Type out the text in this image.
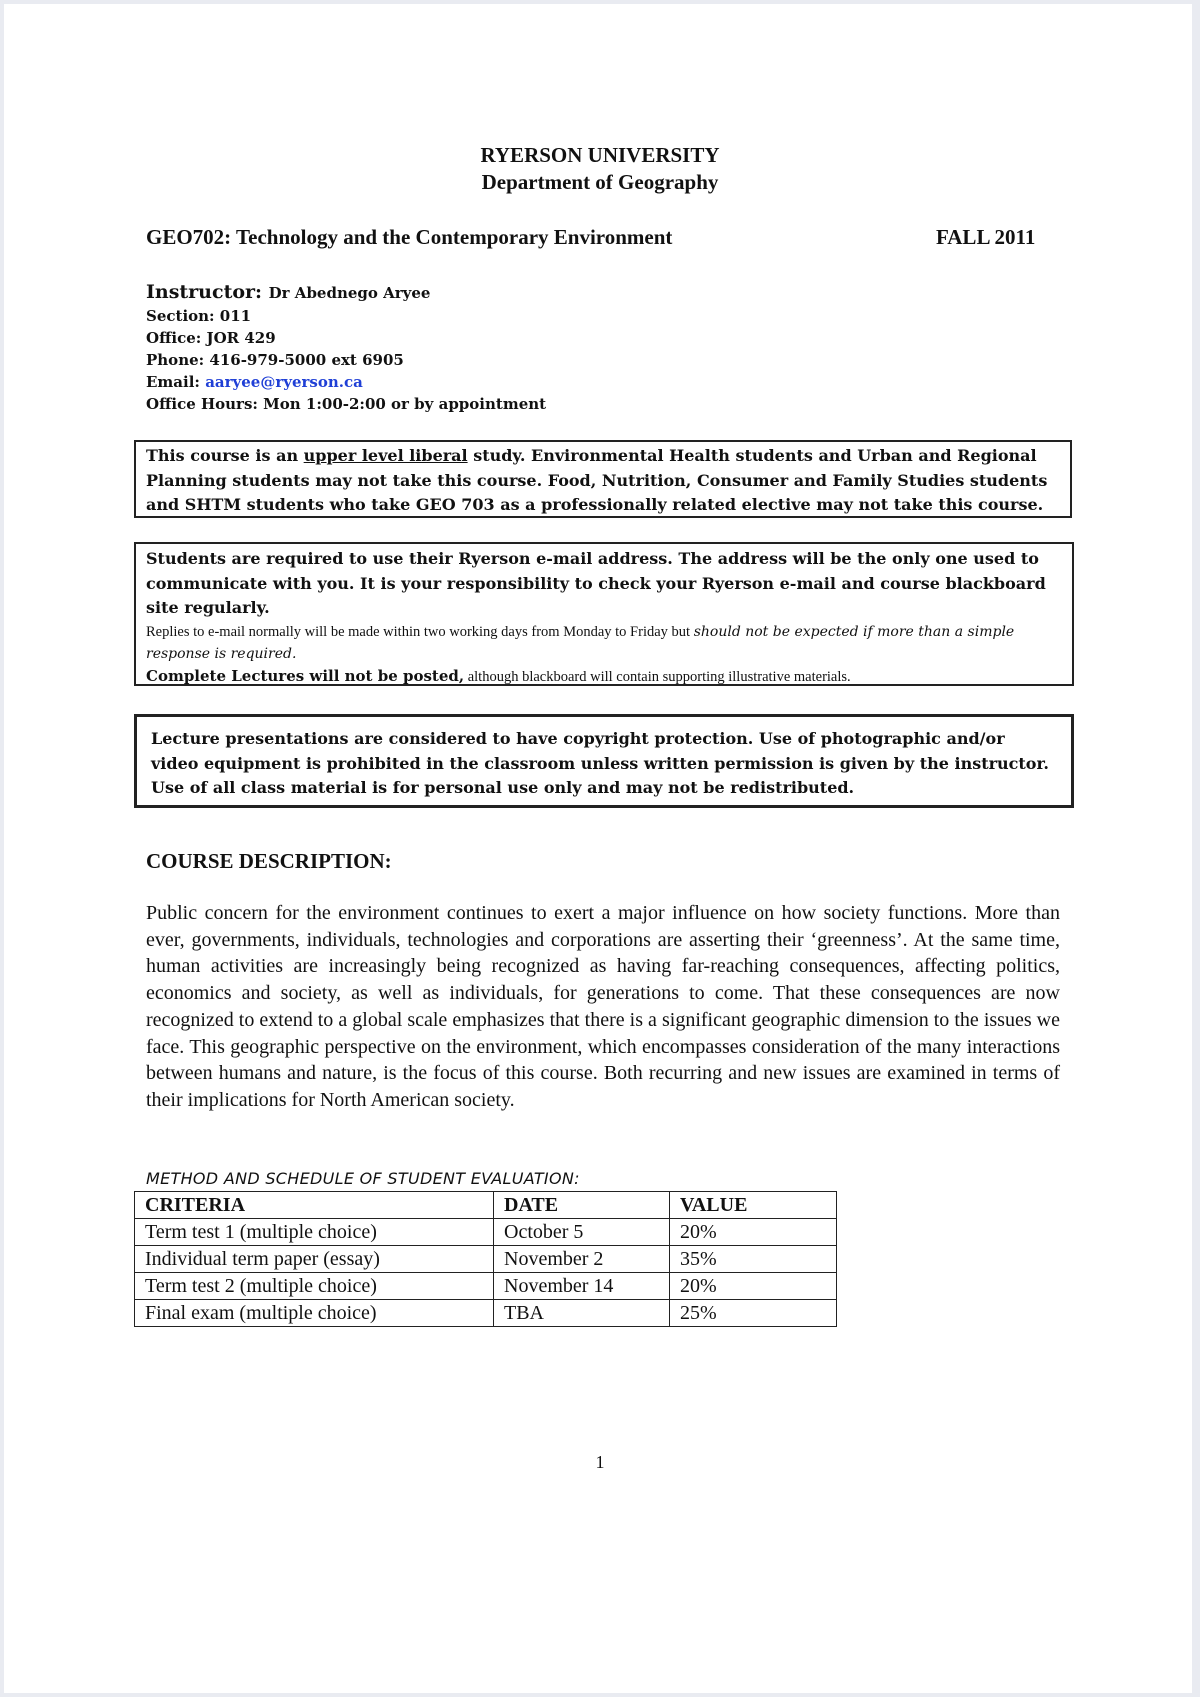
RYERSON UNIVERSITY
Department of Geography
GEO702: Technology and the Contemporary Environment	FALL 2011
Instructor: Dr Abednego Aryee
Section: 011
Office: JOR 429
Phone: 416-979-5000 ext 6905
Email: aaryee@ryerson.ca
Office Hours: Mon 1:00-2:00 or by appointment
This course is an upper level liberal study. Environmental Health students and Urban and Regional Planning students may not take this course. Food, Nutrition, Consumer and Family Studies students and SHTM students who take GEO 703 as a professionally related elective may not take this course.
Students are required to use their Ryerson e-mail address. The address will be the only one used to communicate with you. It is your responsibility to check your Ryerson e-mail and course blackboard site regularly.
Replies to e-mail normally will be made within two working days from Monday to Friday but should not be expected if more than a simple response is required.
Complete Lectures will not be posted, although blackboard will contain supporting illustrative materials.
Lecture presentations are considered to have copyright protection. Use of photographic and/or video equipment is prohibited in the classroom unless written permission is given by the instructor. Use of all class material is for personal use only and may not be redistributed.
COURSE DESCRIPTION:
Public concern for the environment continues to exert a major influence on how society functions. More than ever, governments, individuals, technologies and corporations are asserting their ‘greenness’. At the same time, human activities are increasingly being recognized as having far-reaching consequences, affecting politics, economics and society, as well as individuals, for generations to come. That these consequences are now recognized to extend to a global scale emphasizes that there is a significant geographic dimension to the issues we face. This geographic perspective on the environment, which encompasses consideration of the many interactions between humans and nature, is the focus of this course. Both recurring and new issues are examined in terms of their implications for North American society.
METHOD AND SCHEDULE OF STUDENT EVALUATION:
CRITERIA	DATE	VALUE
Term test 1 (multiple choice)	October 5	20%
Individual term paper (essay)	November 2	35%
Term test 2 (multiple choice)	November 14	20%
Final exam (multiple choice)	TBA	25%
1
